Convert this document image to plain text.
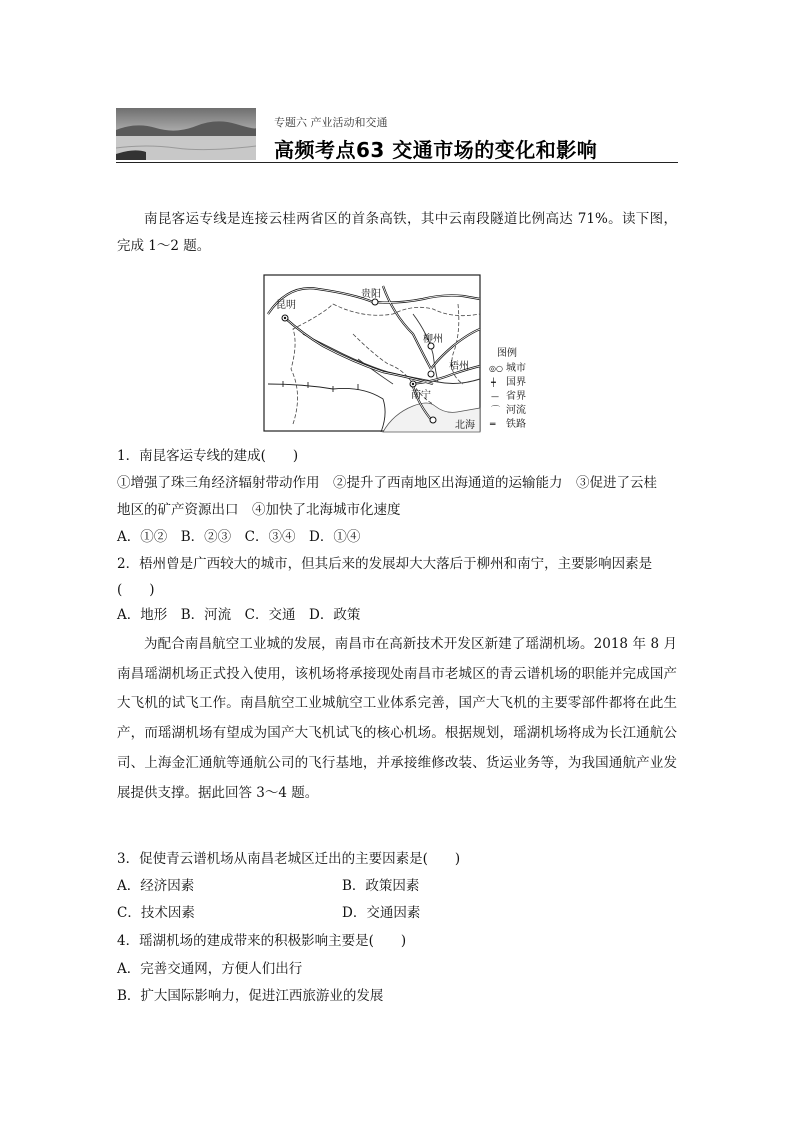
专题六 产业活动和交通
高频考点63 交通市场的变化和影响
南昆客运专线是连接云桂两省区的首条高铁，其中云南段隧道比例高达 71%。读下图，完成 1～2 题。
昆明
贵阳
柳州
梧州
南宁
北海
图例
◎○ 城市
┿ 国界
— 省界
⌒ 河流
═ 铁路
1．南昆客运专线的建成(　　)
①增强了珠三角经济辐射带动作用　②提升了西南地区出海通道的运输能力　③促进了云桂
地区的矿产资源出口　④加快了北海城市化速度
A．①②　B．②③　C．③④　D．①④
2．梧州曾是广西较大的城市，但其后来的发展却大大落后于柳州和南宁，主要影响因素是
(　　)
A．地形　B．河流　C．交通　D．政策
为配合南昌航空工业城的发展，南昌市在高新技术开发区新建了瑶湖机场。2018 年 8 月南昌瑶湖机场正式投入使用，该机场将承接现处南昌市老城区的青云谱机场的职能并完成国产大飞机的试飞工作。南昌航空工业城航空工业体系完善，国产大飞机的主要零部件都将在此生产，而瑶湖机场有望成为国产大飞机试飞的核心机场。根据规划，瑶湖机场将成为长江通航公司、上海金汇通航等通航公司的飞行基地，并承接维修改装、货运业务等，为我国通航产业发展提供支撑。据此回答 3～4 题。
3．促使青云谱机场从南昌老城区迁出的主要因素是(　　)
A．经济因素	B．政策因素
C．技术因素	D．交通因素
4．瑶湖机场的建成带来的积极影响主要是(　　)
A．完善交通网，方便人们出行
B．扩大国际影响力，促进江西旅游业的发展
